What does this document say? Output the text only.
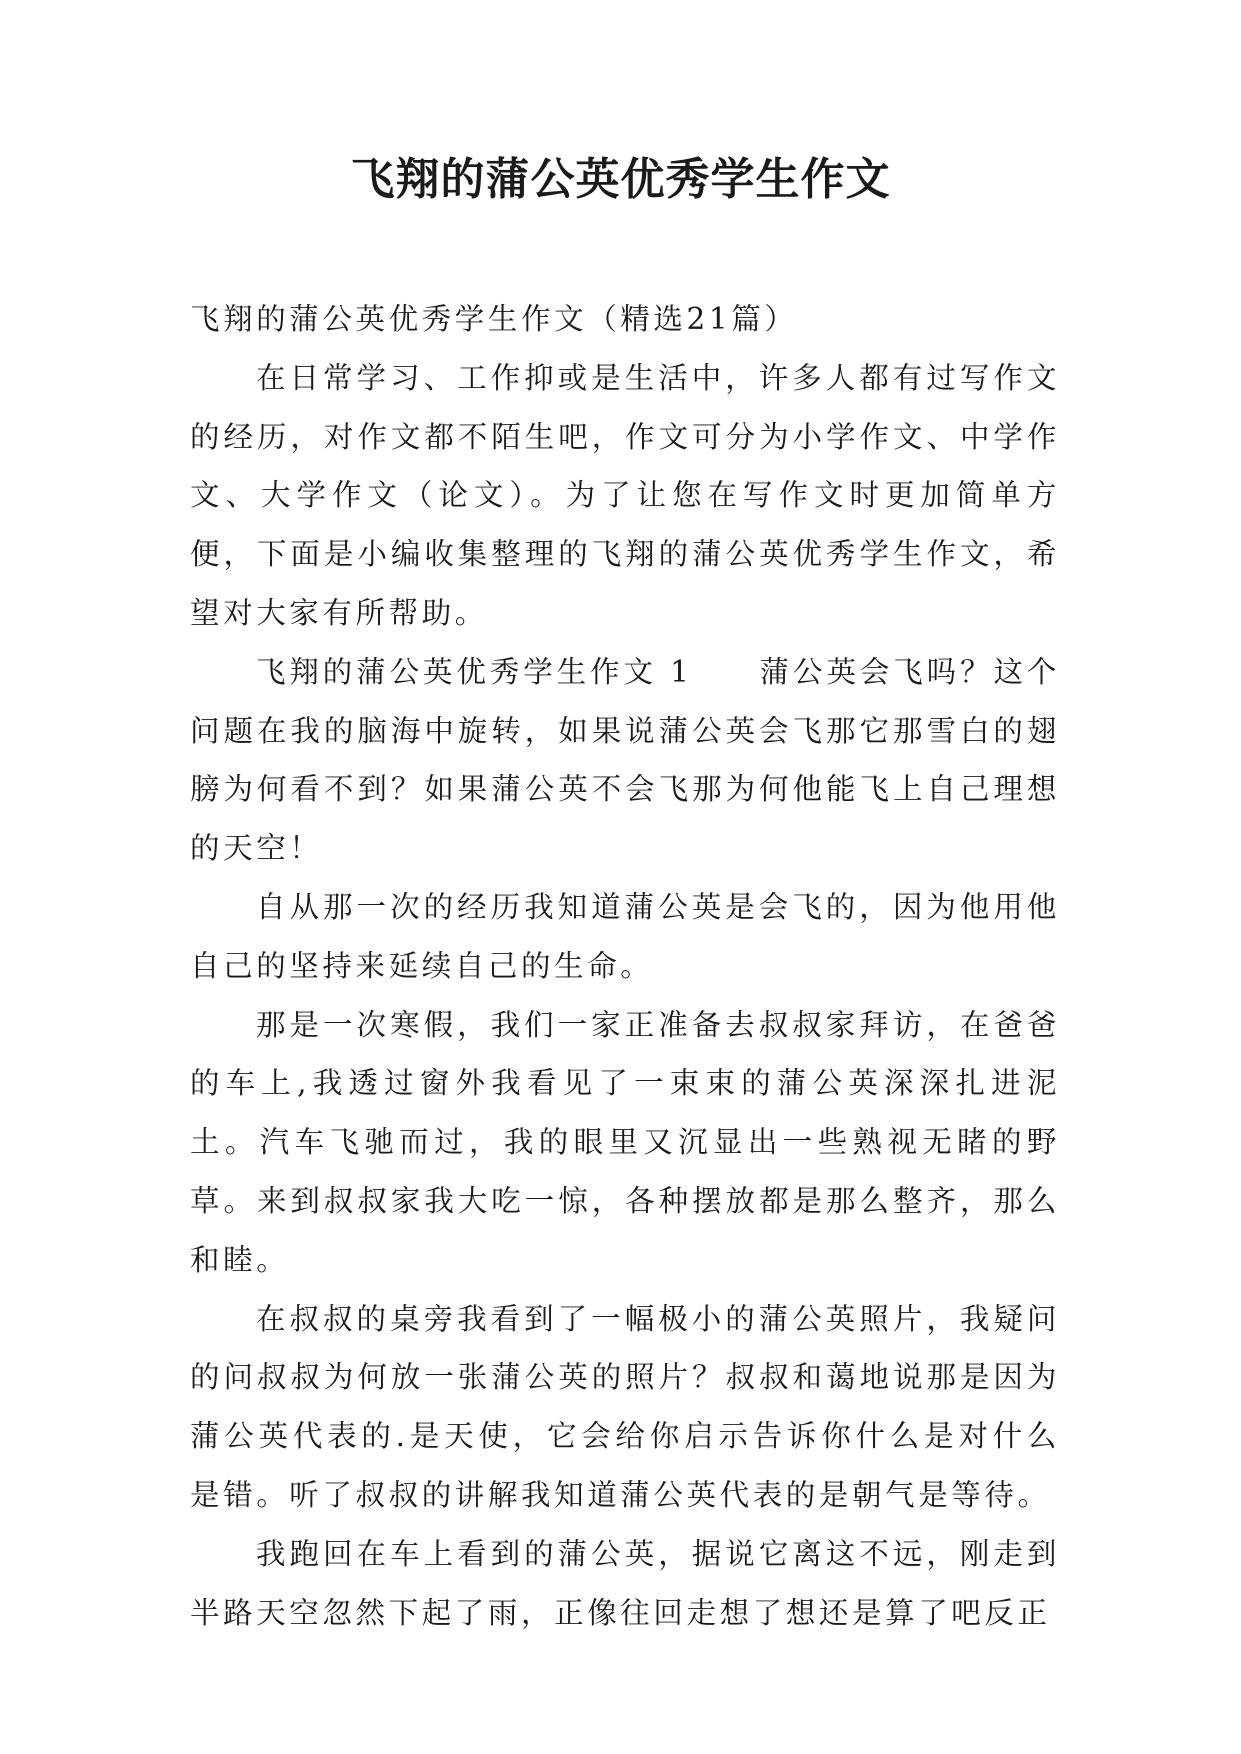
飞翔的蒲公英优秀学生作文

飞翔的蒲公英优秀学生作文（精选21篇）

在日常学习、工作抑或是生活中，许多人都有过写作文的经历，对作文都不陌生吧，作文可分为小学作文、中学作文、大学作文（论文）。为了让您在写作文时更加简单方便，下面是小编收集整理的飞翔的蒲公英优秀学生作文，希望对大家有所帮助。

飞翔的蒲公英优秀学生作文 1　　蒲公英会飞吗？这个问题在我的脑海中旋转，如果说蒲公英会飞那它那雪白的翅膀为何看不到？如果蒲公英不会飞那为何他能飞上自己理想的天空！

自从那一次的经历我知道蒲公英是会飞的，因为他用他自己的坚持来延续自己的生命。

那是一次寒假，我们一家正准备去叔叔家拜访，在爸爸的车上,我透过窗外我看见了一束束的蒲公英深深扎进泥土。汽车飞驰而过，我的眼里又沉显出一些熟视无睹的野草。来到叔叔家我大吃一惊，各种摆放都是那么整齐，那么和睦。

在叔叔的桌旁我看到了一幅极小的蒲公英照片，我疑问的问叔叔为何放一张蒲公英的照片？叔叔和蔼地说那是因为蒲公英代表的.是天使，它会给你启示告诉你什么是对什么是错。听了叔叔的讲解我知道蒲公英代表的是朝气是等待。

我跑回在车上看到的蒲公英，据说它离这不远，刚走到半路天空忽然下起了雨，正像往回走想了想还是算了吧反正
